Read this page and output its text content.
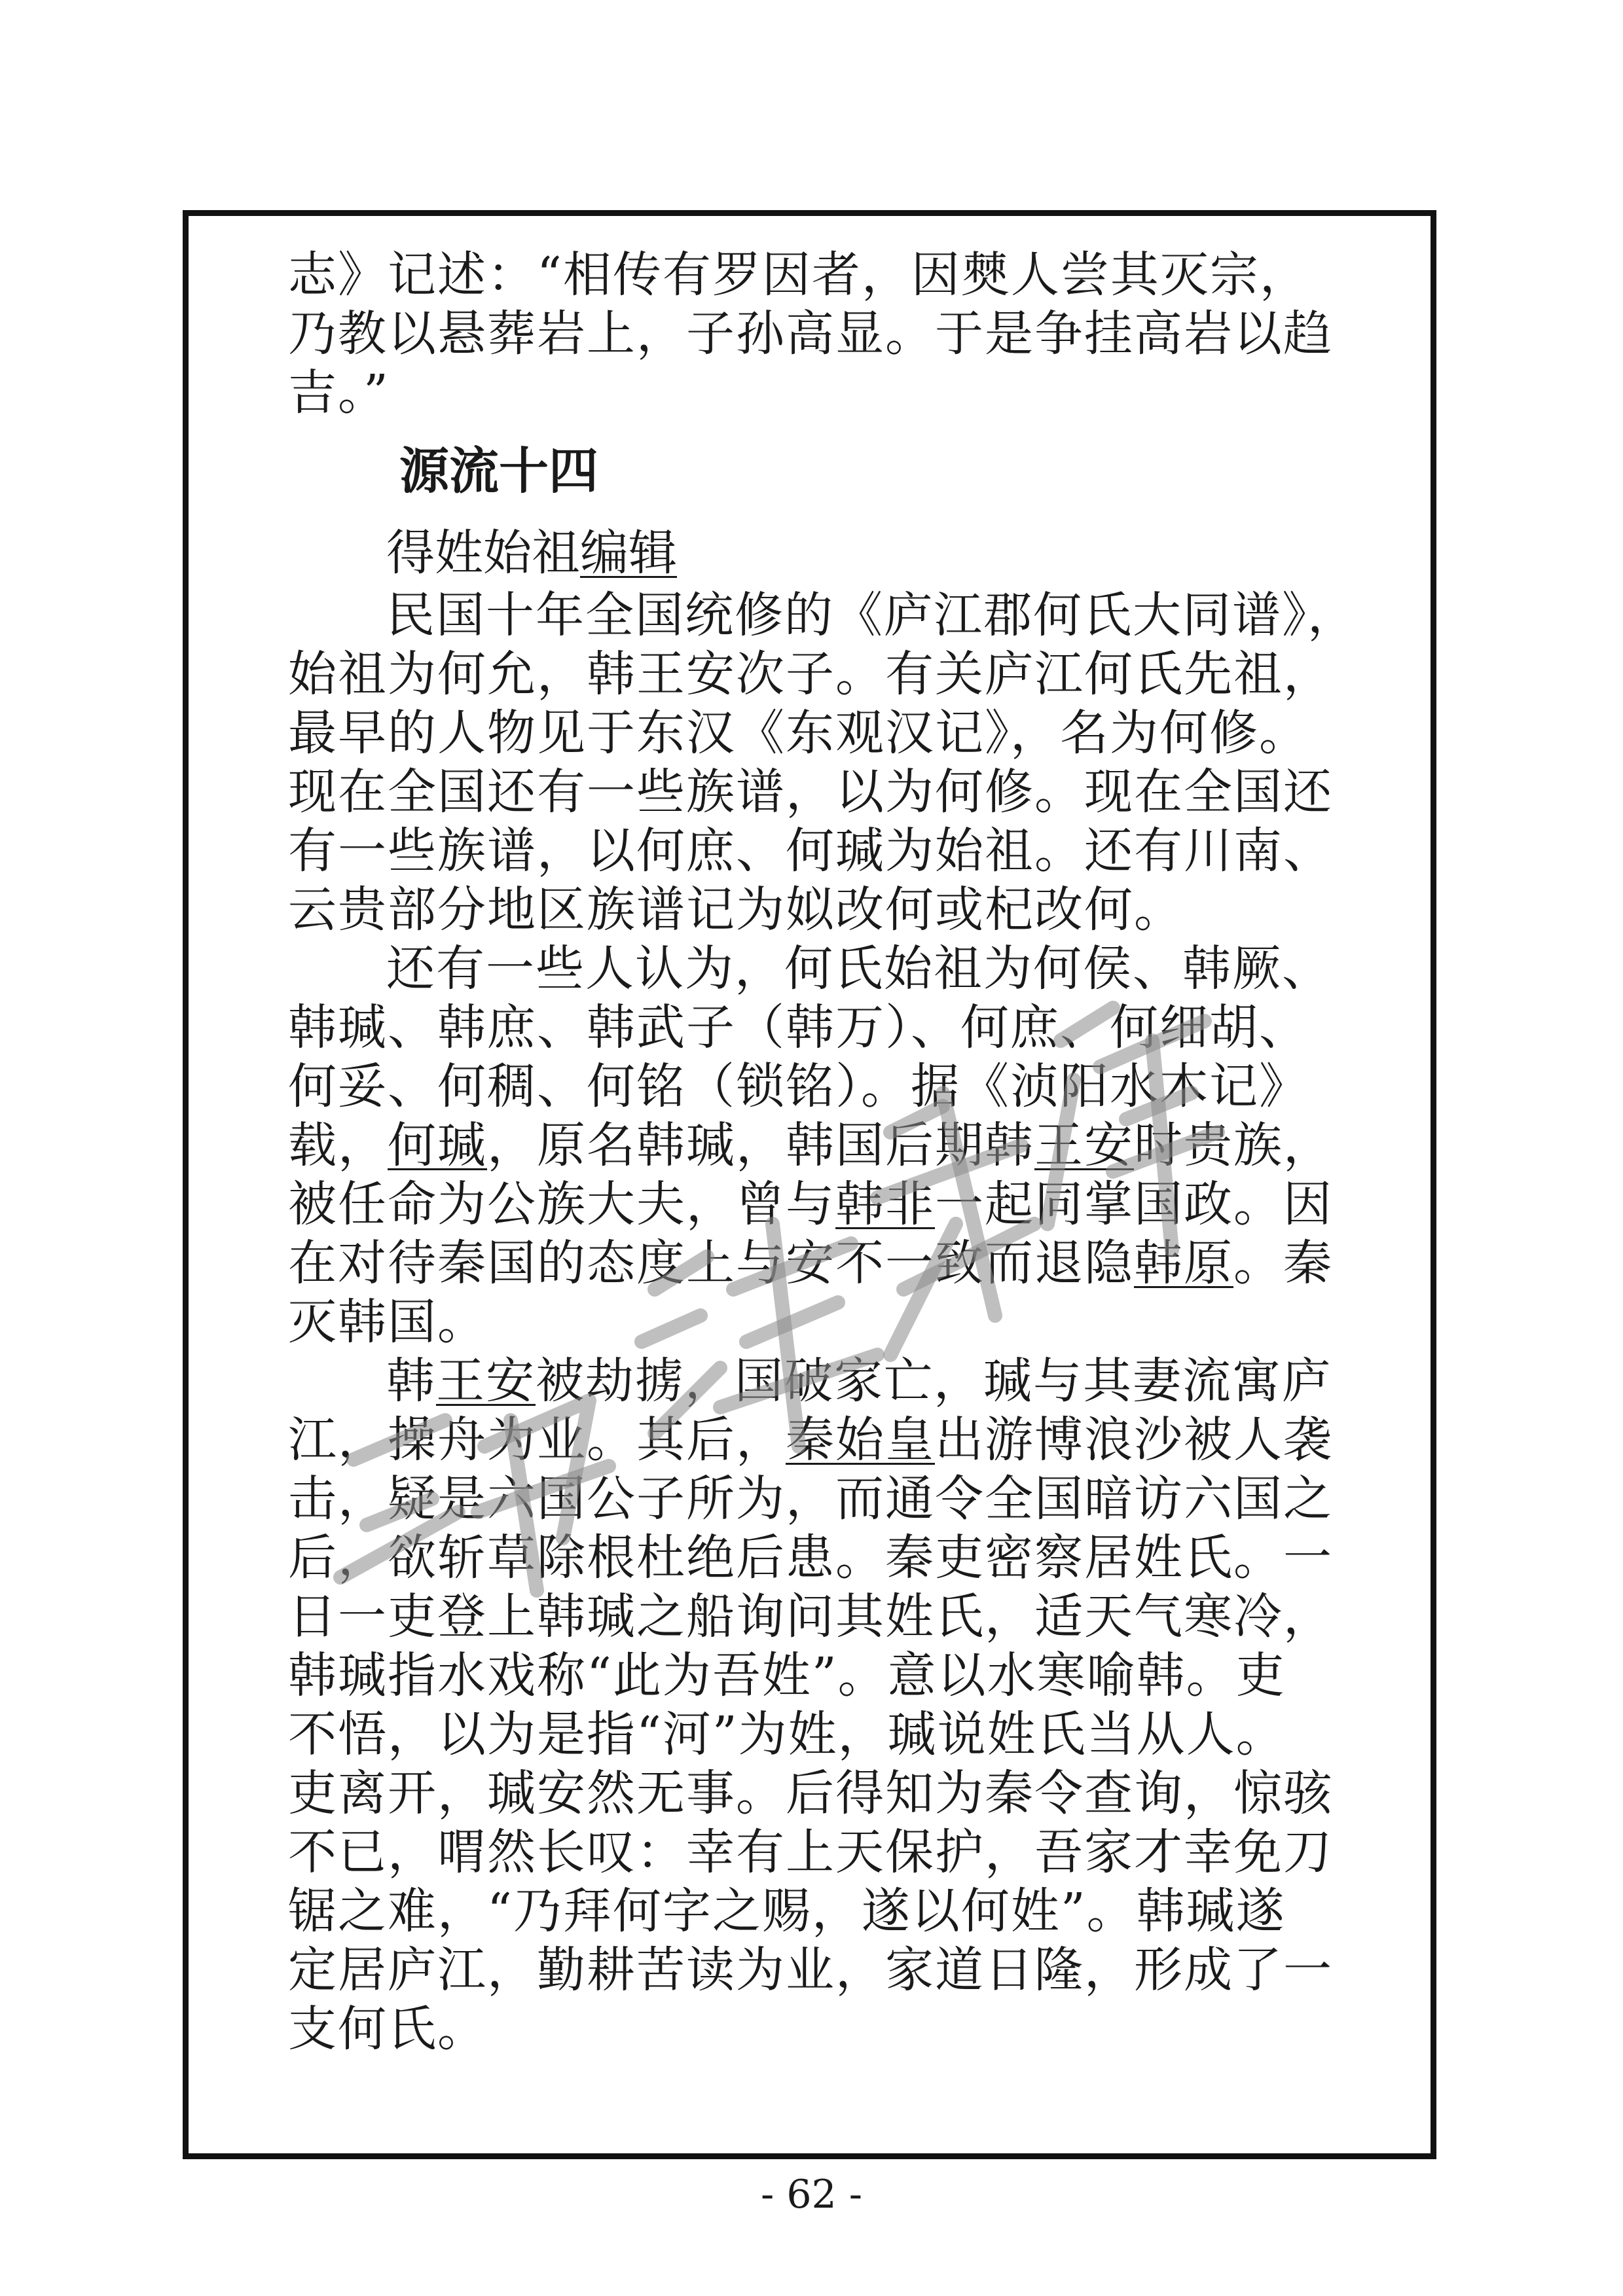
志》记述：“相传有罗因者，因僰人尝其灭宗，
乃教以悬葬岩上，子孙高显。于是争挂高岩以趋
吉。”
源流十四
得姓始祖编辑
民国十年全国统修的《庐江郡何氏大同谱》，
始祖为何允，韩王安次子。有关庐江何氏先祖，
最早的人物见于东汉《东观汉记》，名为何修。
现在全国还有一些族谱，以为何修。现在全国还
有一些族谱，以何庶、何瑊为始祖。还有川南、
云贵部分地区族谱记为姒改何或杞改何。
还有一些人认为，何氏始祖为何侯、韩厥、
韩瑊、韩庶、韩武子（韩万）、何庶、何细胡、
何妥、何稠、何铭（锁铭）。据《浈阳水木记》
载，何瑊，原名韩瑊，韩国后期韩王安时贵族，
被任命为公族大夫，曾与韩非一起同掌国政。因
在对待秦国的态度上与安不一致而退隐韩原。秦
灭韩国。
韩王安被劫掳，国破家亡，瑊与其妻流寓庐
江，操舟为业。其后，秦始皇出游博浪沙被人袭
击，疑是六国公子所为，而通令全国暗访六国之
后，欲斩草除根杜绝后患。秦吏密察居姓氏。一
日一吏登上韩瑊之船询问其姓氏，适天气寒冷，
韩瑊指水戏称“此为吾姓”。意以水寒喻韩。吏
不悟，以为是指“河”为姓，瑊说姓氏当从人。
吏离开，瑊安然无事。后得知为秦令查询，惊骇
不已，喟然长叹：幸有上天保护，吾家才幸免刀
锯之难，“乃拜何字之赐，遂以何姓”。韩瑊遂
定居庐江，勤耕苦读为业，家道日隆，形成了一
支何氏。
- 62 -
